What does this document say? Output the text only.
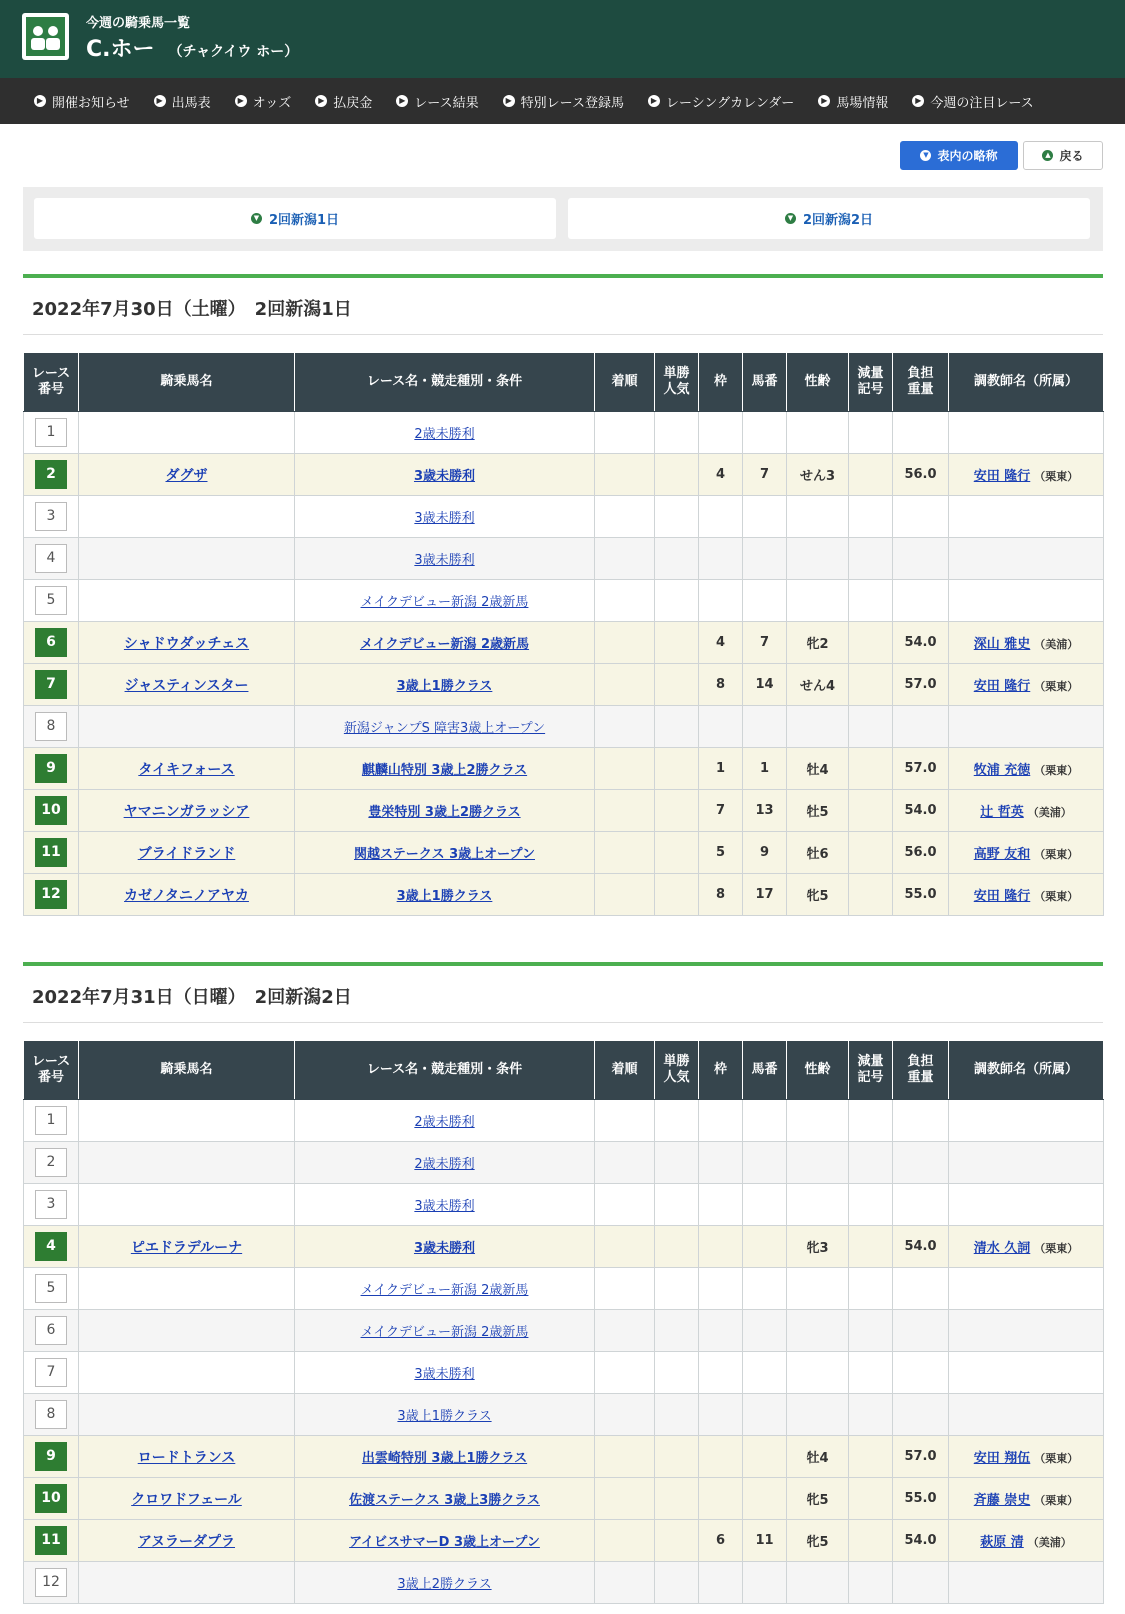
今週の騎乗馬一覧
C.ホー （チャクイウ ホー）
▶ 開催お知らせ	▶ 出馬表	▶ オッズ	▶ 払戻金	▶ レース結果	▶ 特別レース登録馬	▶ レーシングカレンダー	▶ 馬場情報	▶ 今週の注目レース
▼ 表内の略称	▲ 戻る
▼ 2回新潟1日	▼ 2回新潟2日
2022年7月30日（土曜）　2回新潟1日
レース
番号	騎乗馬名	レース名・競走種別・条件	着順	単勝
人気	枠	馬番	性齢	減量
記号	負担
重量	調教師名（所属）
1		2歳未勝利								
2	ダグザ	3歳未勝利			4	7	せん3		56.0	安田 隆行 （栗東）
3		3歳未勝利								
4		3歳未勝利								
5		メイクデビュー新潟 2歳新馬								
6	シャドウダッチェス	メイクデビュー新潟 2歳新馬			4	7	牝2		54.0	深山 雅史 （美浦）
7	ジャスティンスター	3歳上1勝クラス			8	14	せん4		57.0	安田 隆行 （栗東）
8		新潟ジャンプS 障害3歳上オープン								
9	タイキフォース	麒麟山特別 3歳上2勝クラス			1	1	牡4		57.0	牧浦 充徳 （栗東）
10	ヤマニンガラッシア	豊栄特別 3歳上2勝クラス			7	13	牡5		54.0	辻 哲英 （美浦）
11	ブライドランド	関越ステークス 3歳上オープン			5	9	牡6		56.0	高野 友和 （栗東）
12	カゼノタニノアヤカ	3歳上1勝クラス			8	17	牝5		55.0	安田 隆行 （栗東）
2022年7月31日（日曜）　2回新潟2日
レース
番号	騎乗馬名	レース名・競走種別・条件	着順	単勝
人気	枠	馬番	性齢	減量
記号	負担
重量	調教師名（所属）
1		2歳未勝利								
2		2歳未勝利								
3		3歳未勝利								
4	ピエドラデルーナ	3歳未勝利					牝3		54.0	清水 久詞 （栗東）
5		メイクデビュー新潟 2歳新馬								
6		メイクデビュー新潟 2歳新馬								
7		3歳未勝利								
8		3歳上1勝クラス								
9	ロードトランス	出雲崎特別 3歳上1勝クラス					牡4		57.0	安田 翔伍 （栗東）
10	クロワドフェール	佐渡ステークス 3歳上3勝クラス					牝5		55.0	斉藤 崇史 （栗東）
11	アヌラーダプラ	アイビスサマーD 3歳上オープン			6	11	牝5		54.0	萩原 清 （美浦）
12		3歳上2勝クラス								
